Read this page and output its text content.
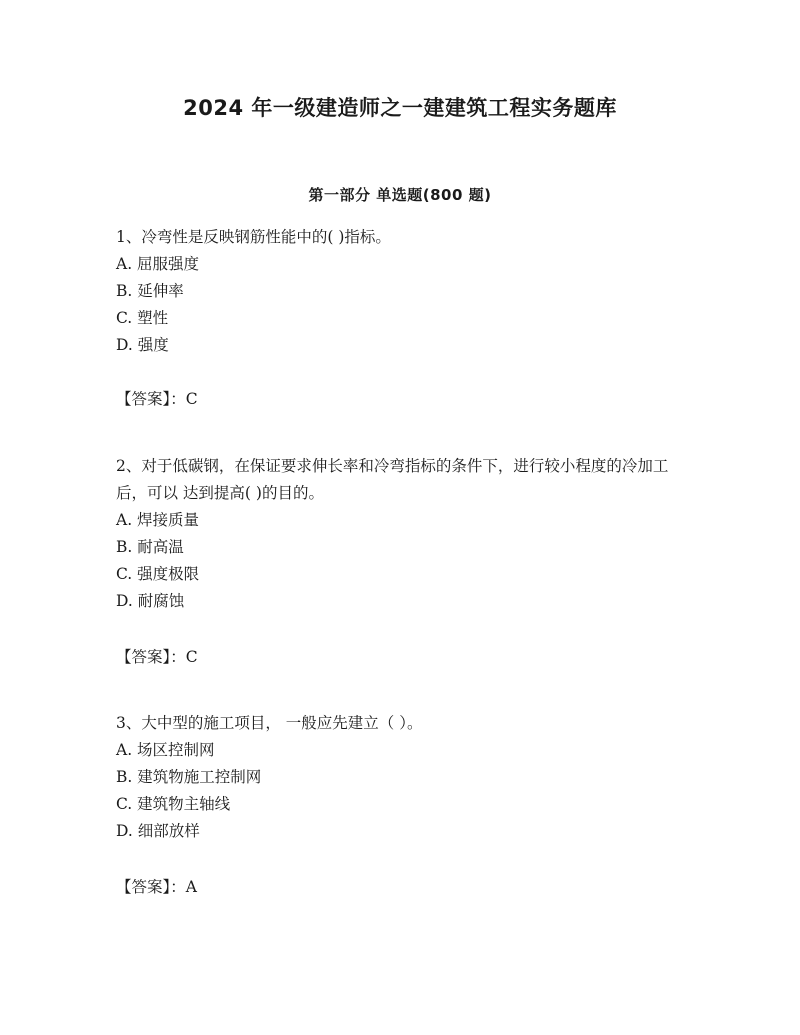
2024 年一级建造师之一建建筑工程实务题库
第一部分 单选题(800 题)
1、冷弯性是反映钢筋性能中的( )指标。
A. 屈服强度
B. 延伸率
C. 塑性
D. 强度
【答案】：C
2、对于低碳钢，在保证要求伸长率和冷弯指标的条件下，进行较小程度的冷加工后，可以 达到提高( )的目的。
A. 焊接质量
B. 耐高温
C. 强度极限
D. 耐腐蚀
【答案】：C
3、大中型的施工项目， 一般应先建立（ ）。
A. 场区控制网
B. 建筑物施工控制网
C. 建筑物主轴线
D. 细部放样
【答案】：A
